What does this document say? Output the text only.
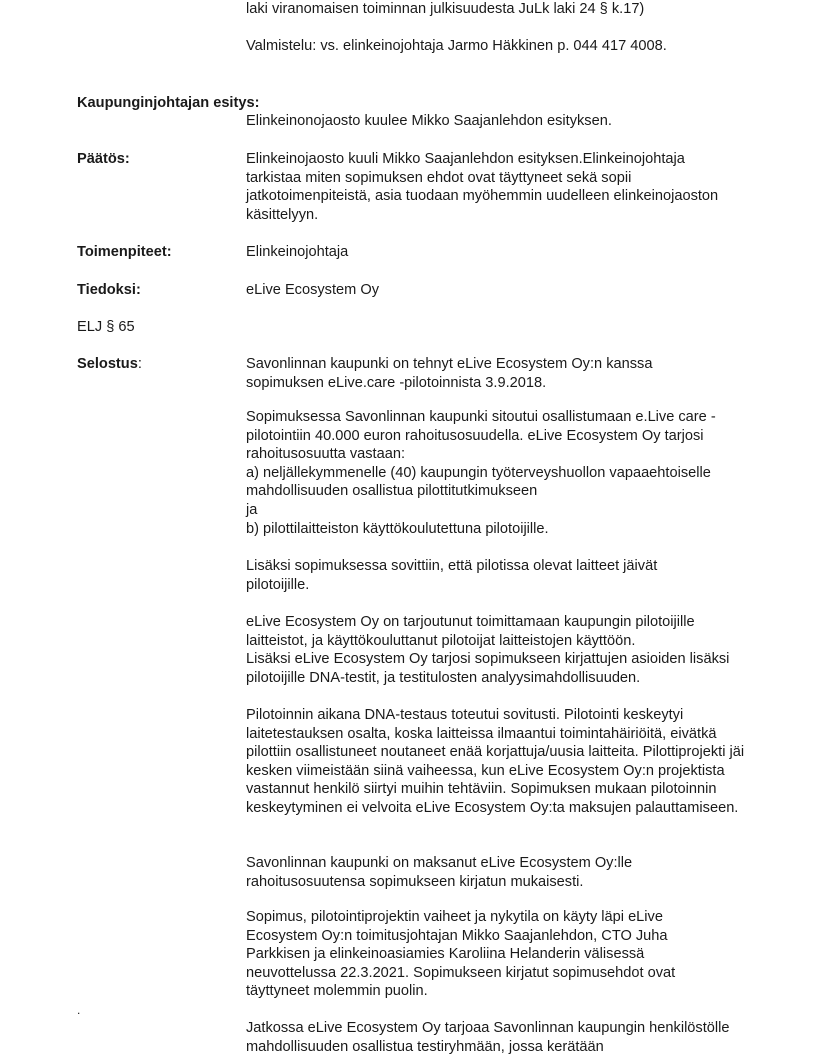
laki viranomaisen toiminnan julkisuudesta JuLk laki 24 § k.17)

Valmistelu: vs. elinkeinojohtaja Jarmo Häkkinen p. 044 417 4008.

Kaupunginjohtajan esitys:

Elinkeinonojaosto kuulee Mikko Saajanlehdon esityksen.

Päätös:	Elinkeinojaosto kuuli Mikko Saajanlehdon esityksen.Elinkeinojohtaja tarkistaa miten sopimuksen ehdot ovat täyttyneet sekä sopii jatkotoimenpiteistä, asia tuodaan myöhemmin uudelleen elinkeinojaoston käsittelyyn.

Toimenpiteet:	Elinkeinojohtaja

Tiedoksi:	eLive Ecosystem Oy

ELJ § 65

Selostus:	Savonlinnan kaupunki on tehnyt eLive Ecosystem Oy:n kanssa sopimuksen eLive.care -pilotoinnista 3.9.2018.

Sopimuksessa Savonlinnan kaupunki sitoutui osallistumaan e.Live care -pilotointiin 40.000 euron rahoitusosuudella. eLive Ecosystem Oy tarjosi rahoitusosuutta vastaan:
a) neljällekymmenelle (40) kaupungin työterveyshuollon vapaaehtoiselle mahdollisuuden osallistua pilottitutkimukseen
ja
b) pilottilaitteiston käyttökoulutettuna pilotoijille.

Lisäksi sopimuksessa sovittiin, että pilotissa olevat laitteet jäivät pilotoijille.

eLive Ecosystem Oy on tarjoutunut toimittamaan kaupungin pilotoijille laitteistot, ja käyttökouluttanut pilotoijat laitteistojen käyttöön.
Lisäksi eLive Ecosystem Oy tarjosi sopimukseen kirjattujen asioiden lisäksi pilotoijille DNA-testit, ja testitulosten analyysimahdollisuuden.

Pilotoinnin aikana DNA-testaus toteutui sovitusti. Pilotointi keskeytyi laitetestauksen osalta, koska laitteissa ilmaantui toimintahäiriöitä, eivätkä pilottiin osallistuneet noutaneet enää korjattuja/uusia laitteita. Pilottiprojekti jäi kesken viimeistään siinä vaiheessa, kun eLive Ecosystem Oy:n projektista vastannut henkilö siirtyi muihin tehtäviin. Sopimuksen mukaan pilotoinnin keskeytyminen ei velvoita eLive Ecosystem Oy:ta maksujen palauttamiseen.

Savonlinnan kaupunki on maksanut eLive Ecosystem Oy:lle rahoitusosuutensa sopimukseen kirjatun mukaisesti.

Sopimus, pilotointiprojektin vaiheet ja nykytila on käyty läpi eLive Ecosystem Oy:n toimitusjohtajan Mikko Saajanlehdon, CTO Juha Parkkisen ja elinkeinoasiamies Karoliina Helanderin välisessä neuvottelussa 22.3.2021. Sopimukseen kirjatut sopimusehdot ovat täyttyneet molemmin puolin.

Jatkossa eLive Ecosystem Oy tarjoaa Savonlinnan kaupungin henkilöstölle mahdollisuuden osallistua testiryhmään, jossa kerätään

.
